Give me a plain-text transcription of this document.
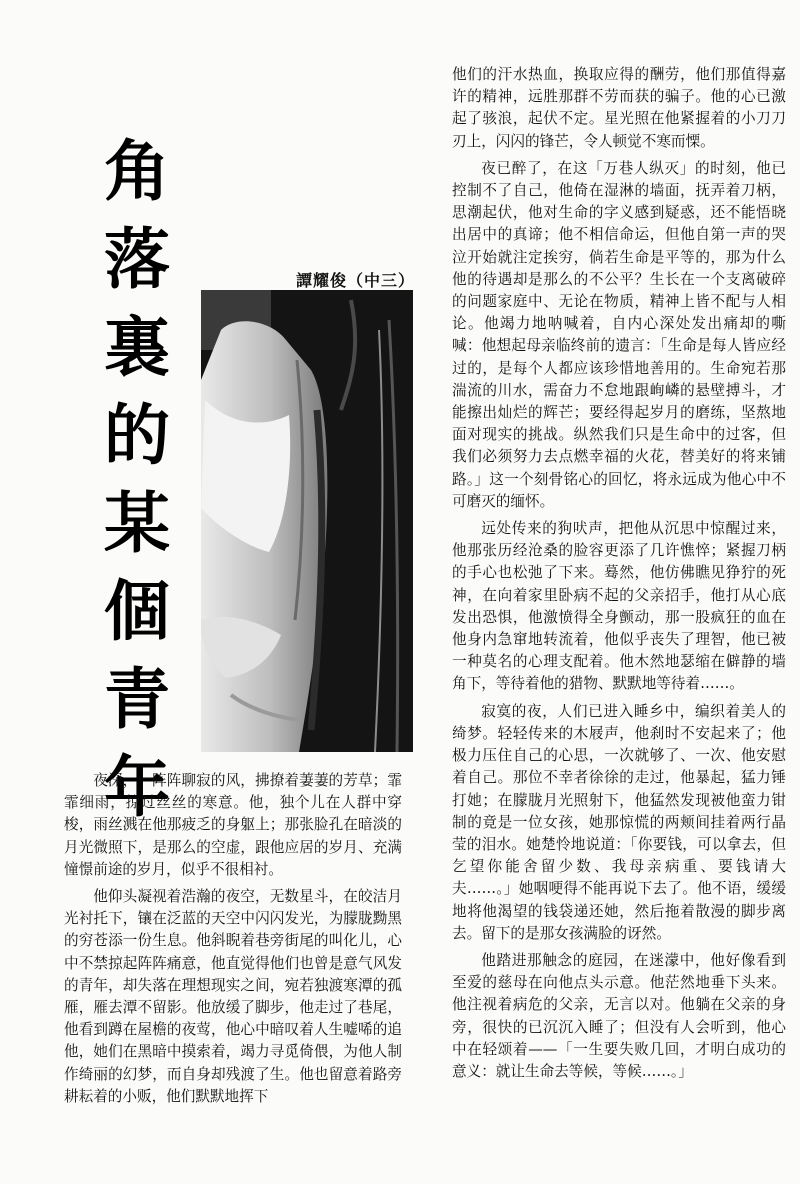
角
落
裏
的
某
個
青
年
譚耀俊（中三）

夜深，一阵阵聊寂的风，拂撩着萋萋的芳草；霏霏细雨，掠过丝丝的寒意。他，独个儿在人群中穿梭，雨丝溅在他那疲乏的身躯上；那张脸孔在暗淡的月光微照下，是那么的空虚，跟他应居的岁月、充满憧憬前途的岁月，似乎不很相衬。

他仰头凝视着浩瀚的夜空，无数星斗，在皎洁月光衬托下，镶在泛蓝的天空中闪闪发光，为朦胧黝黑的穷苍添一份生息。他斜睨着巷旁街尾的叫化儿，心中不禁掠起阵阵痛意，他直觉得他们也曾是意气风发的青年，却失落在理想现实之间，宛若独渡寒潭的孤雁，雁去潭不留影。他放缓了脚步，他走过了巷尾，他看到蹲在屋檐的夜莺，他心中暗叹着人生嘘唏的追他，她们在黑暗中摸索着，竭力寻觅倚偎，为他人制作绮丽的幻梦，而自身却残渡了生。他也留意着路旁耕耘着的小贩，他们默默地挥下

他们的汗水热血，换取应得的酬劳，他们那值得嘉许的精神，远胜那群不劳而获的骗子。他的心已激起了骇浪，起伏不定。星光照在他紧握着的小刀刀刃上，闪闪的锋芒，令人顿觉不寒而慄。

夜已醉了，在这「万巷人纵灭」的时刻，他已控制不了自己，他倚在湿淋的墙面，抚弄着刀柄，思潮起伏，他对生命的字义感到疑惑，还不能悟晓出居中的真谛；他不相信命运，但他自第一声的哭泣开始就注定挨穷，倘若生命是平等的，那为什么他的待遇却是那么的不公平？生长在一个支离破碎的问题家庭中、无论在物质，精神上皆不配与人相论。他竭力地呐喊着，自内心深处发出痛却的嘶喊：他想起母亲临终前的遗言：「生命是每人皆应经过的，是每个人都应该珍惜地善用的。生命宛若那湍流的川水，需奋力不怠地跟峋嶙的悬壁搏斗，才能擦出灿烂的辉芒；要经得起岁月的磨练，坚熬地面对现实的挑战。纵然我们只是生命中的过客，但我们必须努力去点燃幸福的火花，替美好的将来铺路。」这一个刻骨铭心的回忆，将永远成为他心中不可磨灭的缅怀。

远处传来的狗吠声，把他从沉思中惊醒过来，他那张历经沧桑的脸容更添了几许憔悴；紧握刀柄的手心也松弛了下来。蓦然，他仿佛瞧见狰狞的死神，在向着家里卧病不起的父亲招手，他打从心底发出恐惧，他激愤得全身颤动，那一股疯狂的血在他身内急窜地转流着，他似乎丧失了理智，他已被一种莫名的心理支配着。他木然地瑟缩在僻静的墙角下，等待着他的猎物、默默地等待着……。

寂寞的夜，人们已进入睡乡中，编织着美人的绮梦。轻轻传来的木屐声，他刹时不安起来了；他极力压住自己的心思，一次就够了、一次、他安慰着自己。那位不幸者徐徐的走过，他暴起，猛力锤打她；在朦胧月光照射下，他猛然发现被他蛮力钳制的竟是一位女孩，她那惊慌的两颊间挂着两行晶莹的泪水。她楚怜地说道：「你要钱，可以拿去，但乞望你能舍留少数、我母亲病重、要钱请大夫……。」她咽哽得不能再说下去了。他不语，缓缓地将他渴望的钱袋递还她，然后拖着散漫的脚步离去。留下的是那女孩满脸的讶然。

他踏进那触念的庭园，在迷濛中，他好像看到至爱的慈母在向他点头示意。他茫然地垂下头来。他注视着病危的父亲，无言以对。他躺在父亲的身旁，很快的已沉沉入睡了；但没有人会听到，他心中在轻颂着——「一生要失败几回，才明白成功的意义：就让生命去等候，等候……。」
